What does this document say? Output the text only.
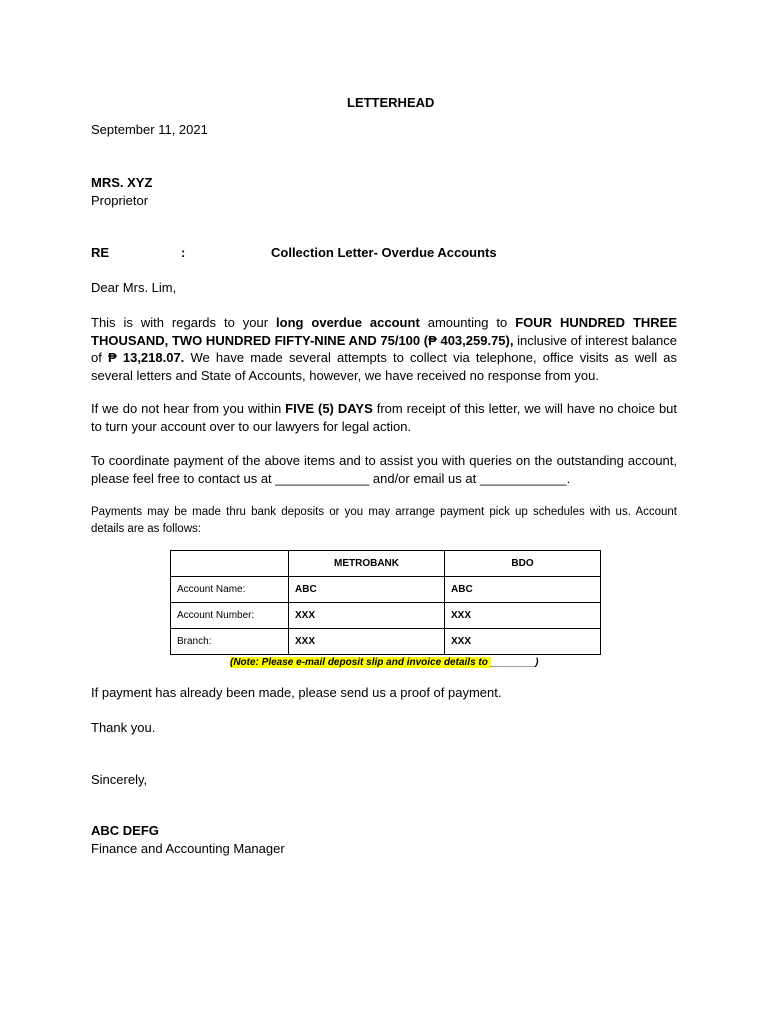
LETTERHEAD
September 11, 2021
MRS. XYZ
Proprietor
RE	:	Collection Letter- Overdue Accounts
Dear Mrs. Lim,
This is with regards to your long overdue account amounting to FOUR HUNDRED THREE THOUSAND, TWO HUNDRED FIFTY-NINE AND 75/100 (₱ 403,259.75), inclusive of interest balance of ₱ 13,218.07. We have made several attempts to collect via telephone, office visits as well as several letters and State of Accounts, however, we have received no response from you.
If we do not hear from you within FIVE (5) DAYS from receipt of this letter, we will have no choice but to turn your account over to our lawyers for legal action.
To coordinate payment of the above items and to assist you with queries on the outstanding account, please feel free to contact us at _____________ and/or email us at ____________.
Payments may be made thru bank deposits or you may arrange payment pick up schedules with us. Account details are as follows:
	METROBANK	BDO
Account Name:	ABC	ABC
Account Number:	XXX	XXX
Branch:	XXX	XXX
(Note: Please e-mail deposit slip and invoice details to ________)
If payment has already been made, please send us a proof of payment.
Thank you.
Sincerely,
ABC DEFG
Finance and Accounting Manager
